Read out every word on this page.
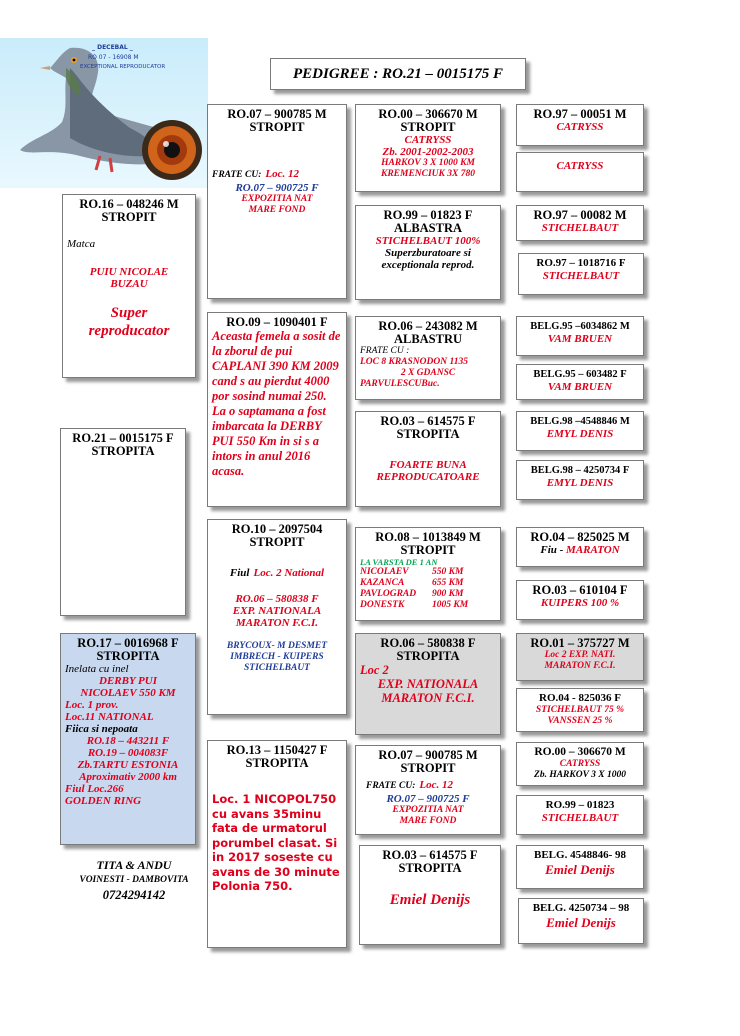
PEDIGREE : RO.21 – 0015175 F
_ DECEBAL _
RO 07 - 16908 M
EXCEPTIONAL REPRODUCATOR
RO.16 – 048246 M
STROPIT
Matca
PUIU NICOLAE
BUZAU
Super
reproducator
RO.21 – 0015175 F
STROPITA
RO.17 – 0016968 F
STROPITA
Inelata cu inel
DERBY PUI
NICOLAEV 550 KM
Loc. 1 prov.
Loc.11 NATIONAL
Fiica si nepoata
RO.18 – 443211 F
RO.19 – 004083F
Zb.TARTU ESTONIA
Aproximativ 2000 km
Fiul Loc.266
GOLDEN RING
TITA & ANDU
VOINESTI - DAMBOVITA
0724294142
RO.07 – 900785 M
STROPIT
FRATE CU: Loc. 12
RO.07 – 900725 F
EXPOZITIA NAT
MARE FOND
RO.09 – 1090401 F
Aceasta femela a sosit de la zborul de pui CAPLANI 390 KM 2009 cand s au pierdut 4000 por sosind numai 250. La o saptamana a fost imbarcata la DERBY PUI 550 Km in si s a intors in anul 2016 acasa.
RO.10 – 2097504
STROPIT
Fiul Loc. 2 National
RO.06 – 580838 F
EXP. NATIONALA
MARATON F.C.I.
BRYCOUX- M DESMET
IMBRECH - KUIPERS
STICHELBAUT
RO.13 – 1150427 F
STROPITA
Loc. 1 NICOPOL750 cu avans 35minu fata de urmatorul porumbel clasat. Si in 2017 soseste cu avans de 30 minute Polonia 750.
RO.00 – 306670 M
STROPIT
CATRYSS
Zb. 2001-2002-2003
HARKOV 3 X 1000 KM
KREMENCIUK 3X 780
RO.99 – 01823 F
ALBASTRA
STICHELBAUT 100%
Superzburatoare si
exceptionala reprod.
RO.06 – 243082 M
ALBASTRU
FRATE CU :
LOC 8 KRASNODON 1135
2 X GDANSC
PARVULESCUBuc.
RO.03 – 614575 F
STROPITA
FOARTE BUNA
REPRODUCATOARE
RO.08 – 1013849 M
STROPIT
LA VARSTA DE 1 AN
NICOLAEV 550 KM
KAZANCA	655 KM
PAVLOGRAD 900 KM
DONESTK	1005 KM
RO.06 – 580838 F
STROPITA
Loc 2
EXP. NATIONALA
MARATON F.C.I.
RO.07 – 900785 M
STROPIT
FRATE CU: Loc. 12
RO.07 – 900725 F
EXPOZITIA NAT
MARE FOND
RO.03 – 614575 F
STROPITA
Emiel Denijs
RO.97 – 00051 M
CATRYSS
CATRYSS
RO.97 – 00082 M
STICHELBAUT
RO.97 – 1018716 F
STICHELBAUT
BELG.95 –6034862 M
VAM BRUEN
BELG.95 – 603482 F
VAM BRUEN
BELG.98 –4548846 M
EMYL DENIS
BELG.98 – 4250734 F
EMYL DENIS
RO.04 – 825025 M
Fiu - MARATON
RO.03 – 610104 F
KUIPERS 100 %
RO.01 – 375727 M
Loc 2 EXP. NATI.
MARATON F.C.I.
RO.04 - 825036 F
STICHELBAUT 75 %
VANSSEN 25 %
RO.00 – 306670 M
CATRYSS
Zb. HARKOV 3 X 1000
RO.99 – 01823
STICHELBAUT
BELG. 4548846- 98
Emiel Denijs
BELG. 4250734 – 98
Emiel Denijs
